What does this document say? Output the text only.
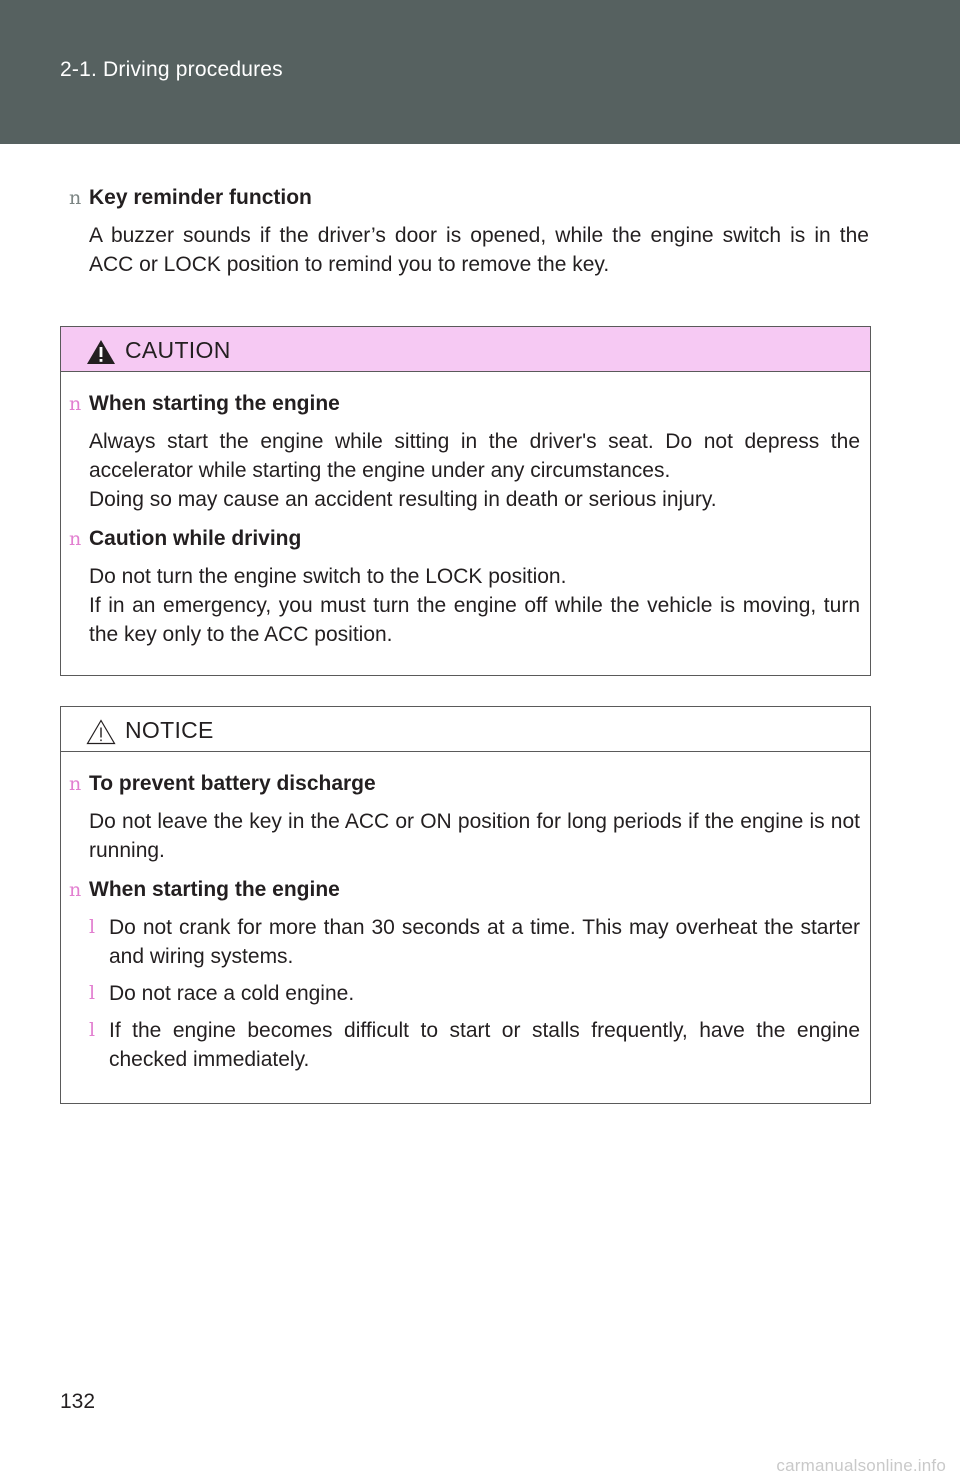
2-1. Driving procedures
n Key reminder function
A buzzer sounds if the driver’s door is opened, while the engine switch is in the ACC or LOCK position to remind you to remove the key.
CAUTION
n When starting the engine
Always start the engine while sitting in the driver's seat. Do not depress the accelerator while starting the engine under any circumstances.
Doing so may cause an accident resulting in death or serious injury.
n Caution while driving
Do not turn the engine switch to the LOCK position.
If in an emergency, you must turn the engine off while the vehicle is moving, turn the key only to the ACC position.
NOTICE
n To prevent battery discharge
Do not leave the key in the ACC or ON position for long periods if the engine is not running.
n When starting the engine
l Do not crank for more than 30 seconds at a time. This may overheat the starter and wiring systems.
l Do not race a cold engine.
l If the engine becomes difficult to start or stalls frequently, have the engine checked immediately.
132
carmanualsonline.info
